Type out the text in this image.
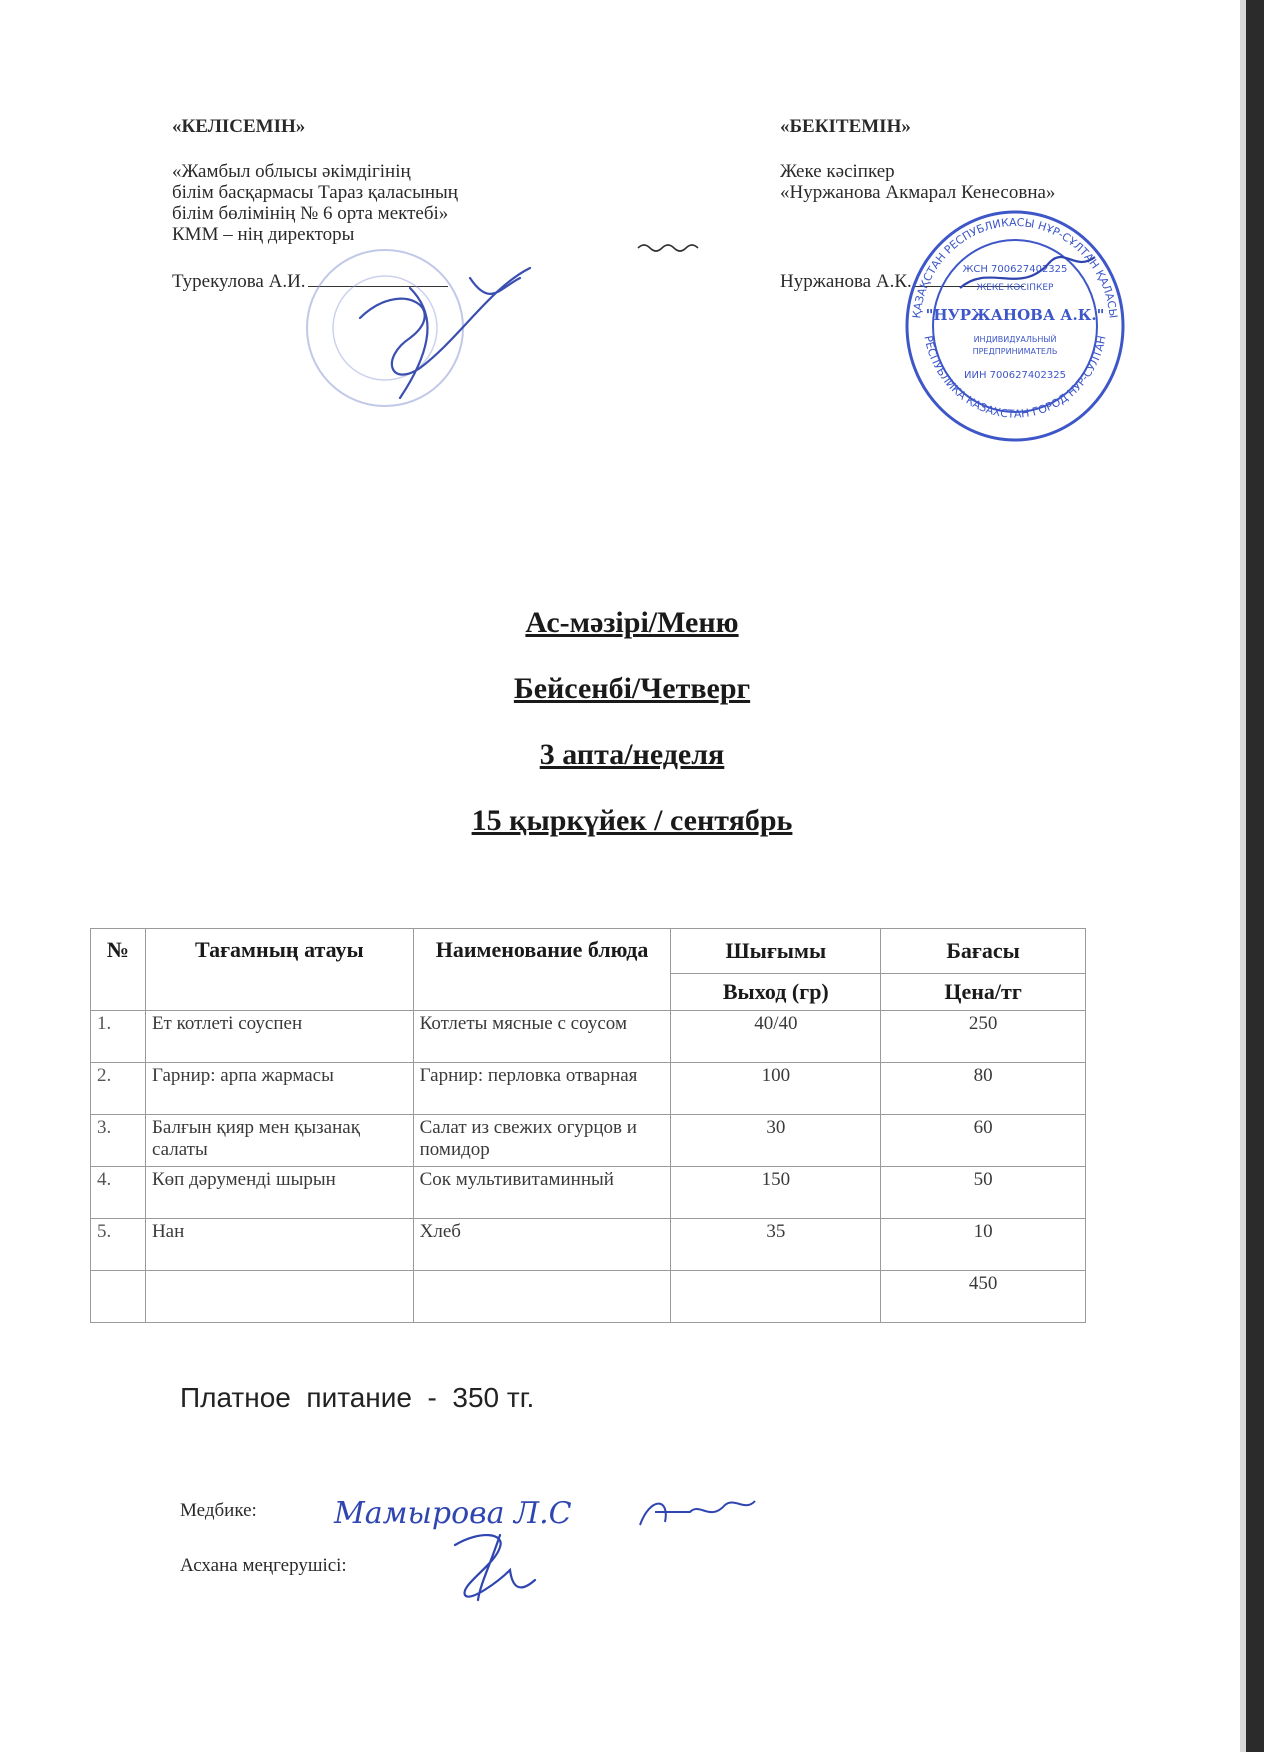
«КЕЛІСЕМІН»
«Жамбыл облысы әкімдігінің
білім басқармасы Тараз қаласының
білім бөлімінің № 6 орта мектебі»
КММ – нің директоры
Турекулова А.И.
«БЕКІТЕМІН»
Жеке кәсіпкер
«Нуржанова Акмарал Кенесовна»
Нуржанова А.К.
ҚАЗАҚСТАН РЕСПУБЛИКАСЫ НҰР-СҰЛТАН ҚАЛАСЫ
РЕСПУБЛИКА КАЗАХСТАН ГОРОД НУР-СУЛТАН
ЖСН 700627402325
ЖЕКЕ КӘСІПКЕР
"НУРЖАНОВА А.К."
ИНДИВИДУАЛЬНЫЙ
ПРЕДПРИНИМАТЕЛЬ
ИИН 700627402325
Ас-мәзірі/Меню
Бейсенбі/Четверг
3 апта/неделя
15 қыркүйек / сентябрь
№	Тағамның атауы	Наименование блюда	Шығымы	Бағасы
			Выход (гр)	Цена/тг
1.	Ет котлеті соуспен	Котлеты мясные с соусом	40/40	250
2.	Гарнир: арпа жармасы	Гарнир: перловка отварная	100	80
3.	Балғын қияр мен қызанақ салаты	Салат из свежих огурцов и помидор	30	60
4.	Көп дәруменді шырын	Сок мультивитаминный	150	50
5.	Нан	Хлеб	35	10
				450
Платное  питание  -  350 тг.
Медбике:	Мамырова Л.С
Асхана меңгерушісі:
